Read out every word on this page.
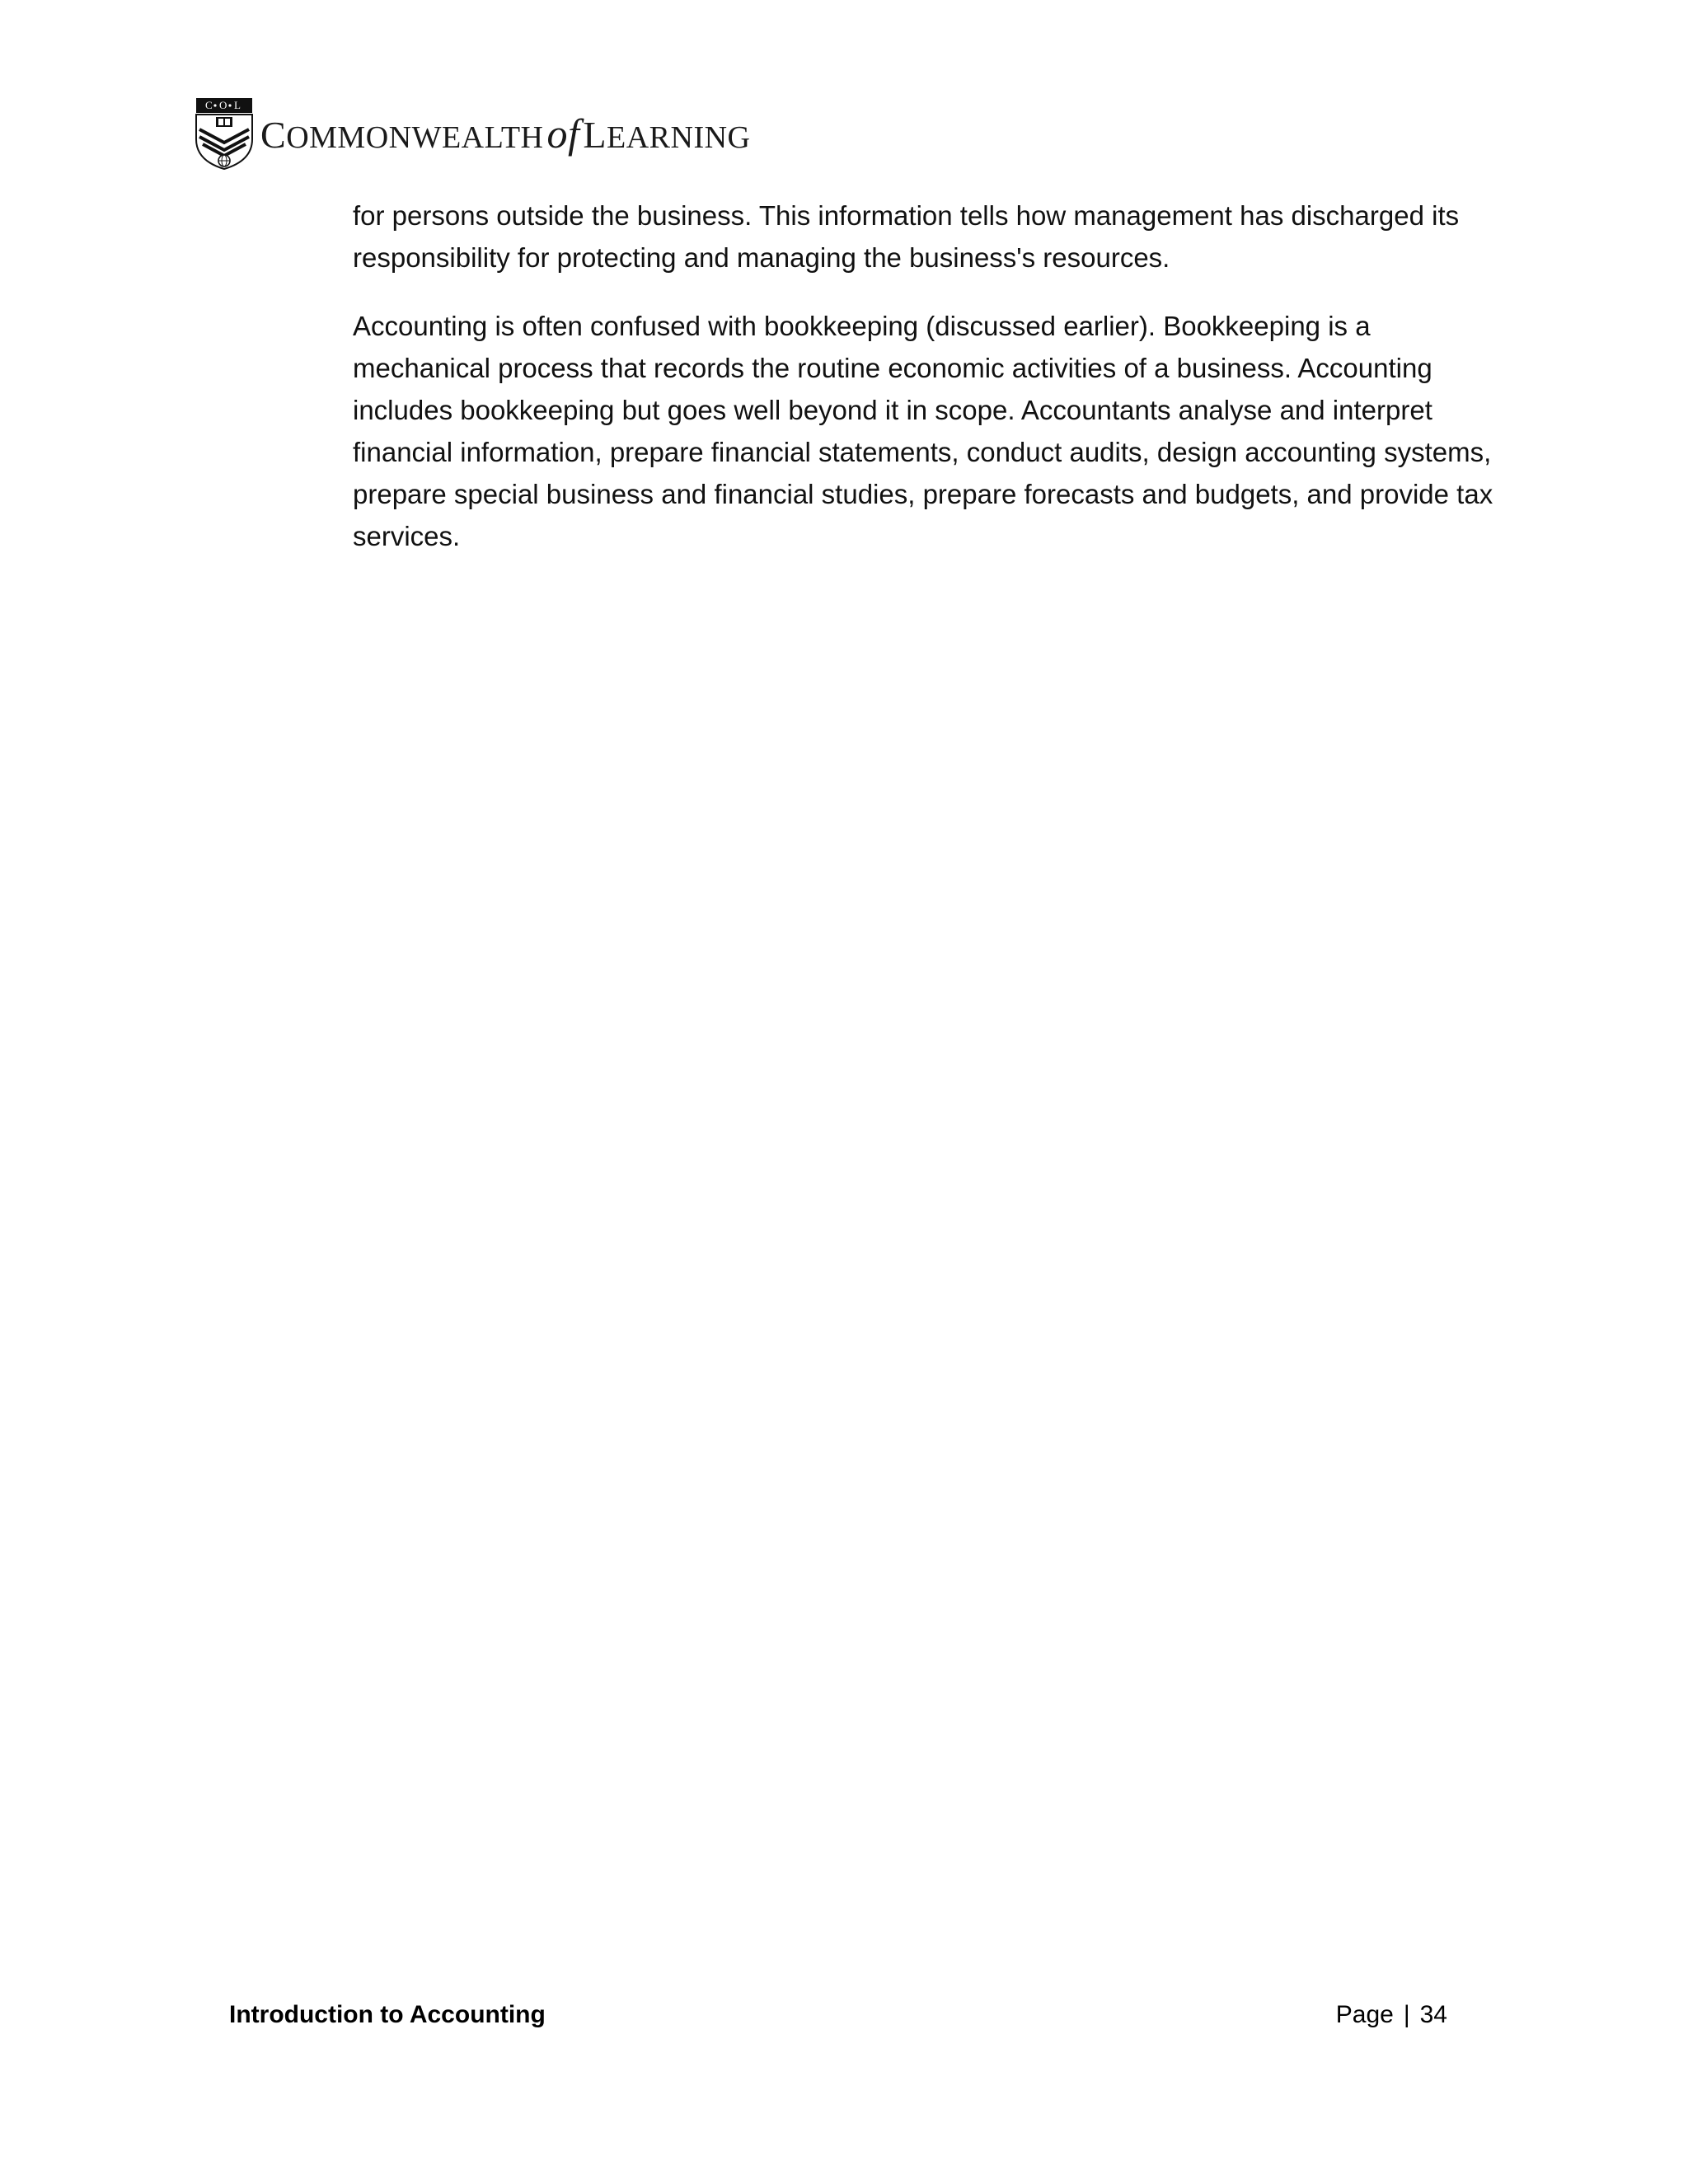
C O L
C OMMONWEALTH of L EARNING

for persons outside the business. This information tells how management has discharged its responsibility for protecting and managing the business's resources.

Accounting is often confused with bookkeeping (discussed earlier). Bookkeeping is a mechanical process that records the routine economic activities of a business. Accounting includes bookkeeping but goes well beyond it in scope. Accountants analyse and interpret financial information, prepare financial statements, conduct audits, design accounting systems, prepare special business and financial studies, prepare forecasts and budgets, and provide tax services.

Introduction to Accounting	Page | 34
